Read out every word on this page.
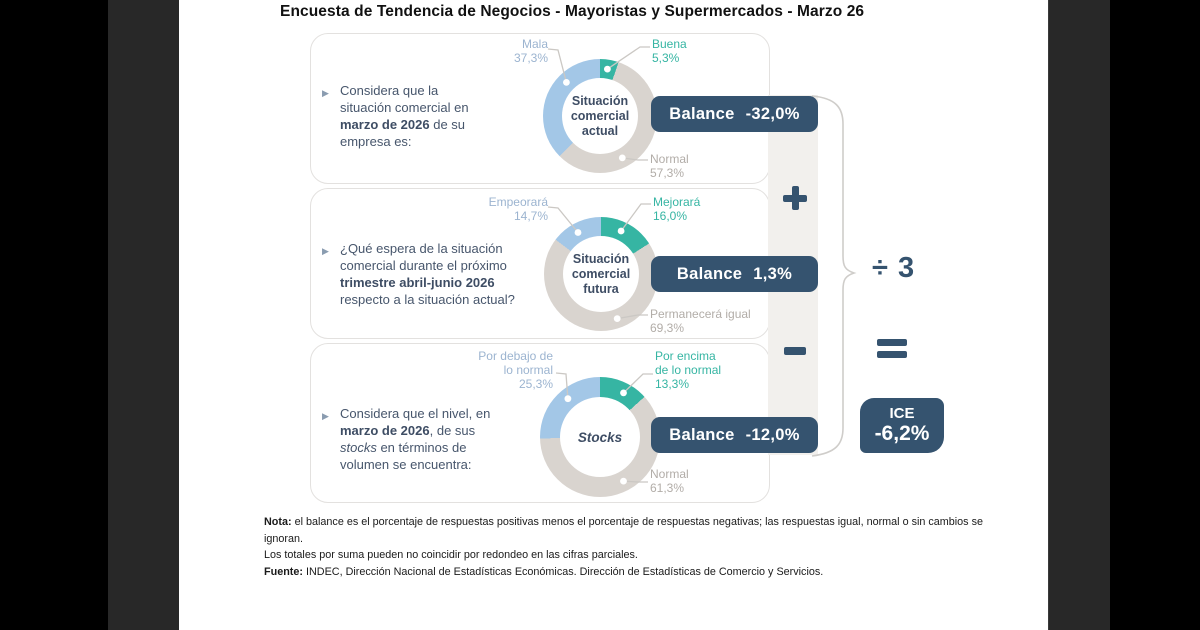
Encuesta de Tendencia de Negocios - Mayoristas y Supermercados - Marzo 26
▶ Considera que la
situación comercial en
marzo de 2026 de su
empresa es:
Situación
comercial
actual
Mala
37,3%
Buena
5,3%
Normal
57,3%
Balance -32,0%
▶ ¿Qué espera de la situación
comercial durante el próximo
trimestre abril-junio 2026
respecto a la situación actual?
Situación
comercial
futura
Empeorará
14,7%
Mejorará
16,0%
Permanecerá igual
69,3%
Balance 1,3%
▶ Considera que el nivel, en
marzo de 2026, de sus
stocks en términos de
volumen se encuentra:
Stocks
Por debajo de
lo normal
25,3%
Por encima
de lo normal
13,3%
Normal
61,3%
Balance -12,0%
÷ 3
ICE
-6,2%
Nota: el balance es el porcentaje de respuestas positivas menos el porcentaje de respuestas negativas; las respuestas igual, normal o sin cambios se ignoran.
Los totales por suma pueden no coincidir por redondeo en las cifras parciales.
Fuente: INDEC, Dirección Nacional de Estadísticas Económicas. Dirección de Estadísticas de Comercio y Servicios.
